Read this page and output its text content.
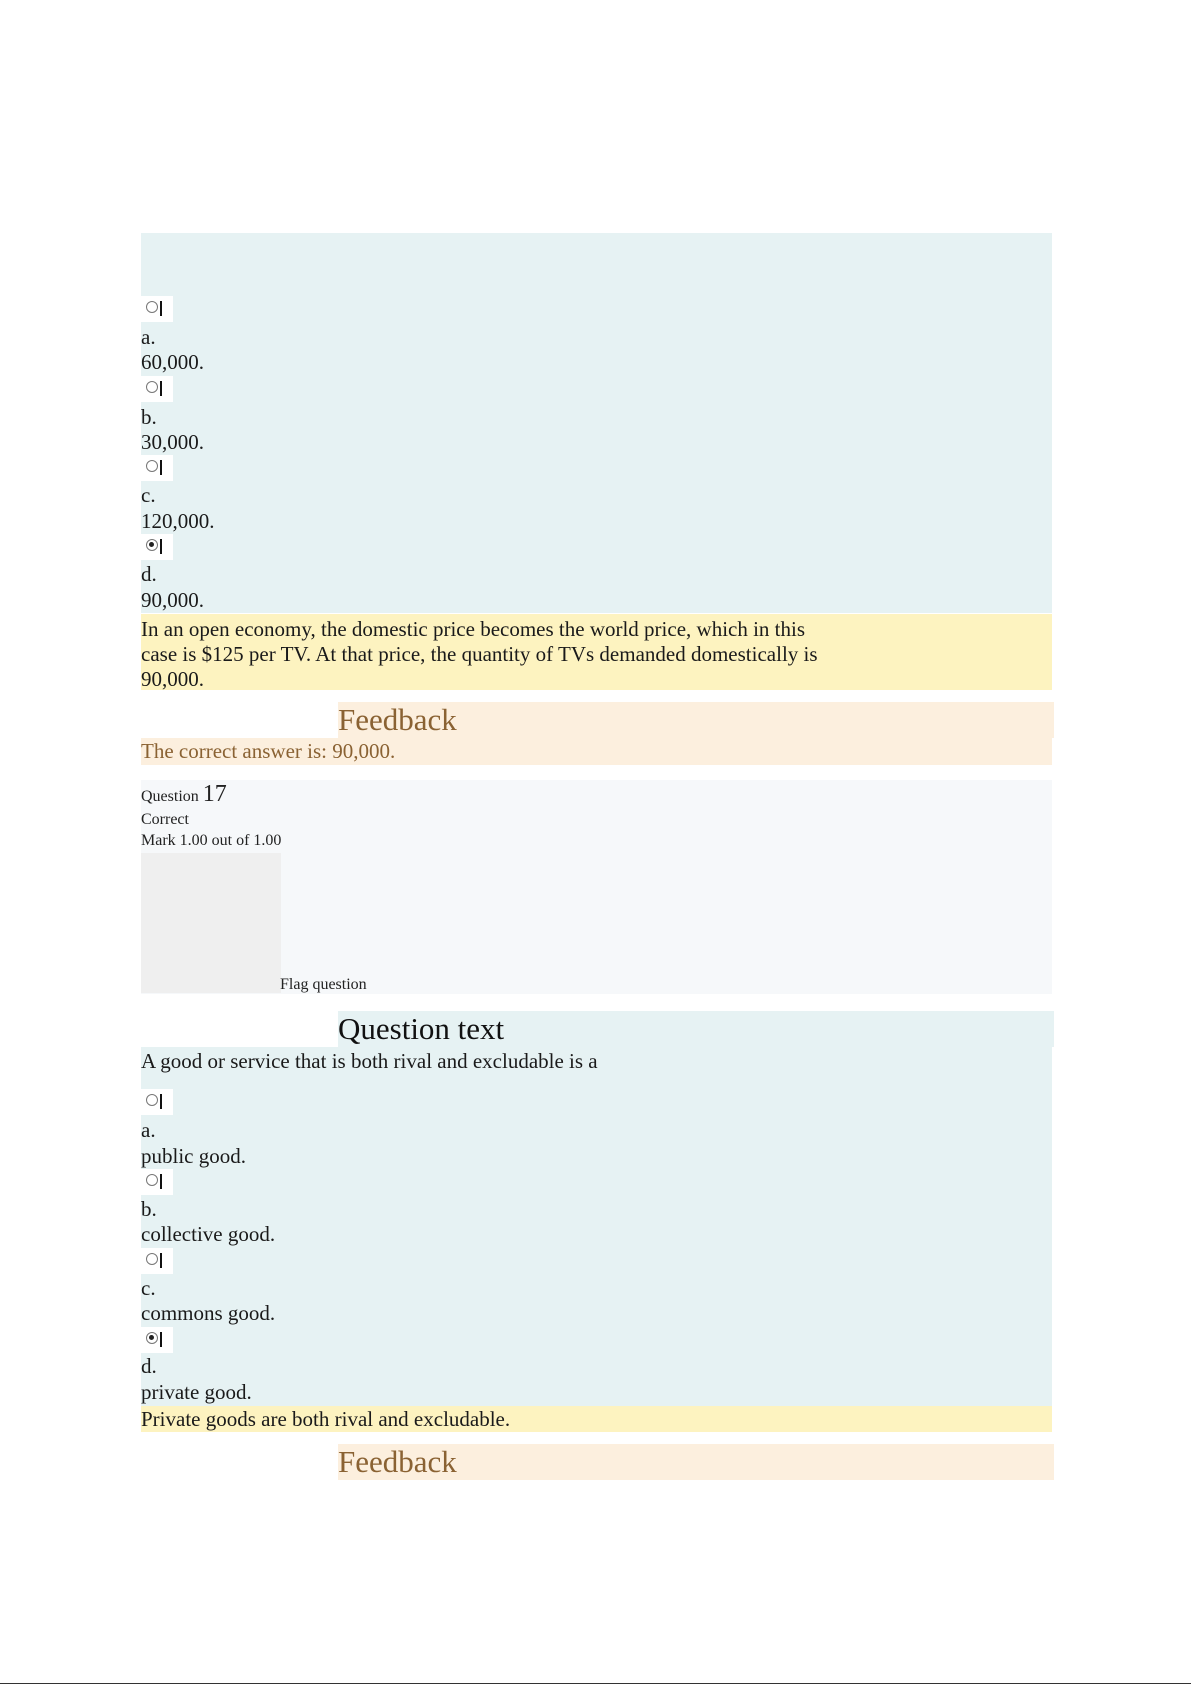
a.
60,000.
b.
30,000.
c.
120,000.
d.
90,000.
In an open economy, the domestic price becomes the world price, which in this
case is $125 per TV. At that price, the quantity of TVs demanded domestically is
90,000.
Feedback
The correct answer is: 90,000.
Question 17
Correct
Mark 1.00 out of 1.00
Flag question
Question text
A good or service that is both rival and excludable is a
a.
public good.
b.
collective good.
c.
commons good.
d.
private good.
Private goods are both rival and excludable.
Feedback
